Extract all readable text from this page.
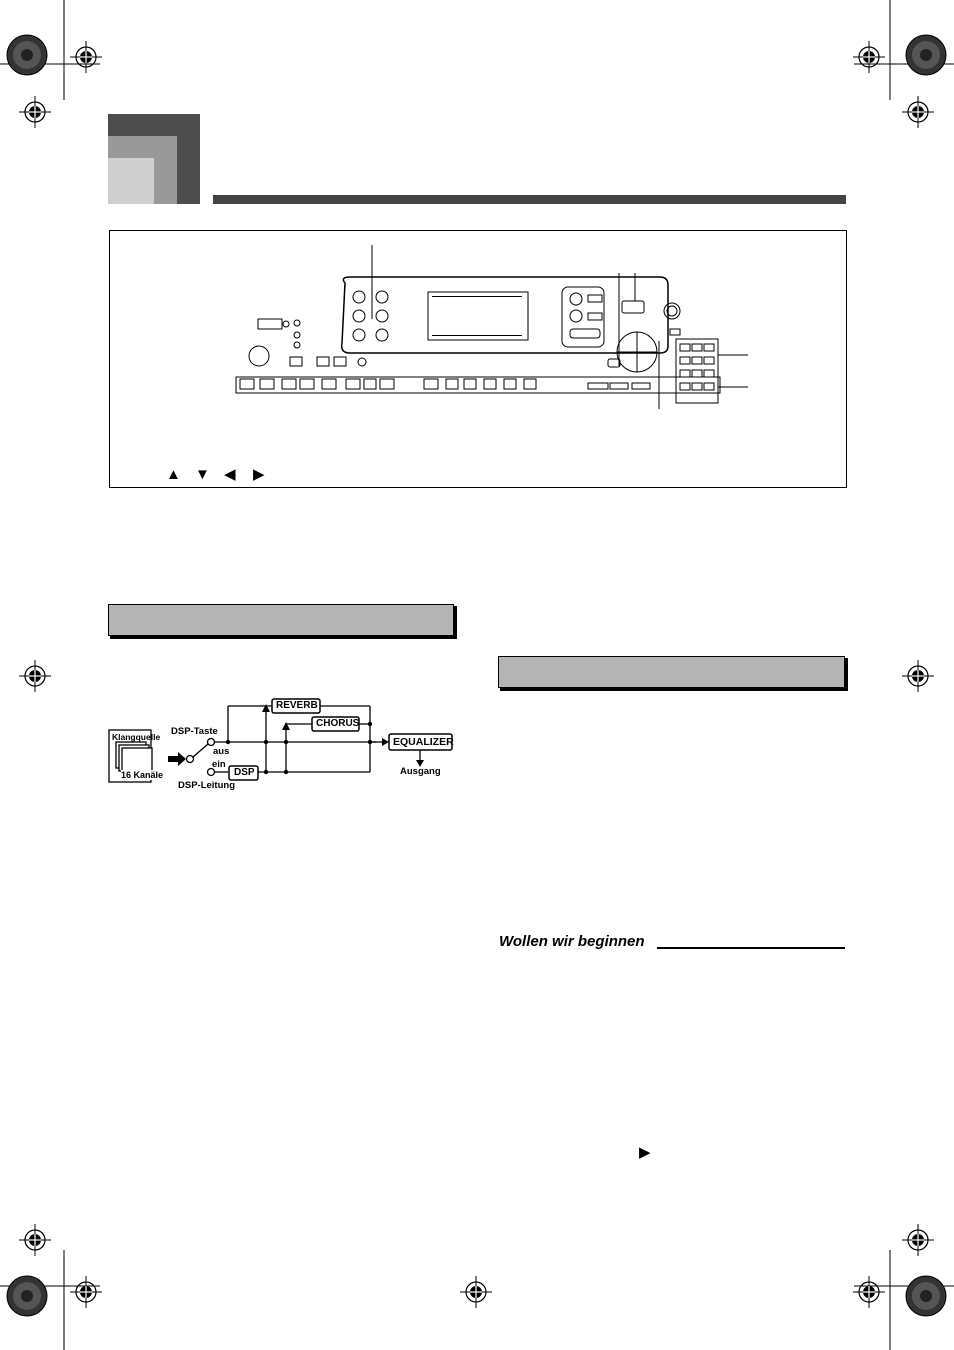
▲ ▼ ◀ ▶
Klangquelle
16 Kanäle
DSP-Taste
aus
ein
DSP-Leitung
REVERB
CHORUS
DSP
EQUALIZER
Ausgang
Wollen wir beginnen
▶
